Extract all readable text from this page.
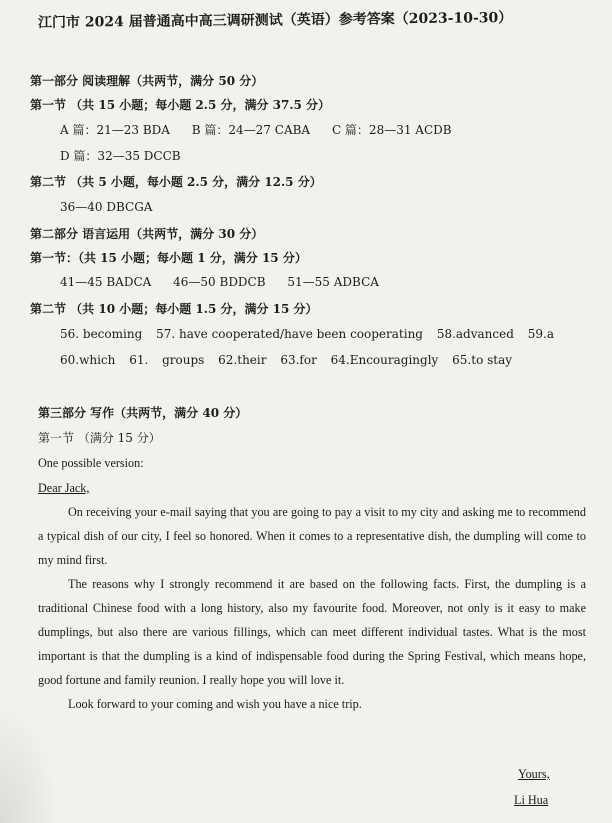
江门市 2024 届普通高中高三调研测试（英语）参考答案（2023-10-30）
第一部分 阅读理解（共两节，满分 50 分）
第一节 （共 15 小题；每小题 2.5 分，满分 37.5 分）
A 篇：21—23 BDA B 篇：24—27 CABA C 篇：28—31 ACDB
D 篇：32—35 DCCB
第二节 （共 5 小题，每小题 2.5 分，满分 12.5 分）
36—40 DBCGA
第二部分 语言运用（共两节，满分 30 分）
第一节：（共 15 小题；每小题 1 分，满分 15 分）
41—45 BADCA 46—50 BDDCB 51—55 ADBCA
第二节 （共 10 小题；每小题 1.5 分，满分 15 分）
56. becoming 57. have cooperated/have been cooperating 58.advanced 59.a
60.which 61. groups 62.their 63.for 64.Encouragingly 65.to stay
第三部分 写作（共两节，满分 40 分）
第一节 （满分 15 分）
One possible version:
Dear Jack,

On receiving your e-mail saying that you are going to pay a visit to my city and asking me to recommend a typical dish of our city, I feel so honored. When it comes to a representative dish, the dumpling will come to my mind first.

The reasons why I strongly recommend it are based on the following facts. First, the dumpling is a traditional Chinese food with a long history, also my favourite food. Moreover, not only is it easy to make dumplings, but also there are various fillings, which can meet different individual tastes. What is the most important is that the dumpling is a kind of indispensable food during the Spring Festival, which means hope, good fortune and family reunion. I really hope you will love it.

Look forward to your coming and wish you have a nice trip.

Yours,
Li Hua
